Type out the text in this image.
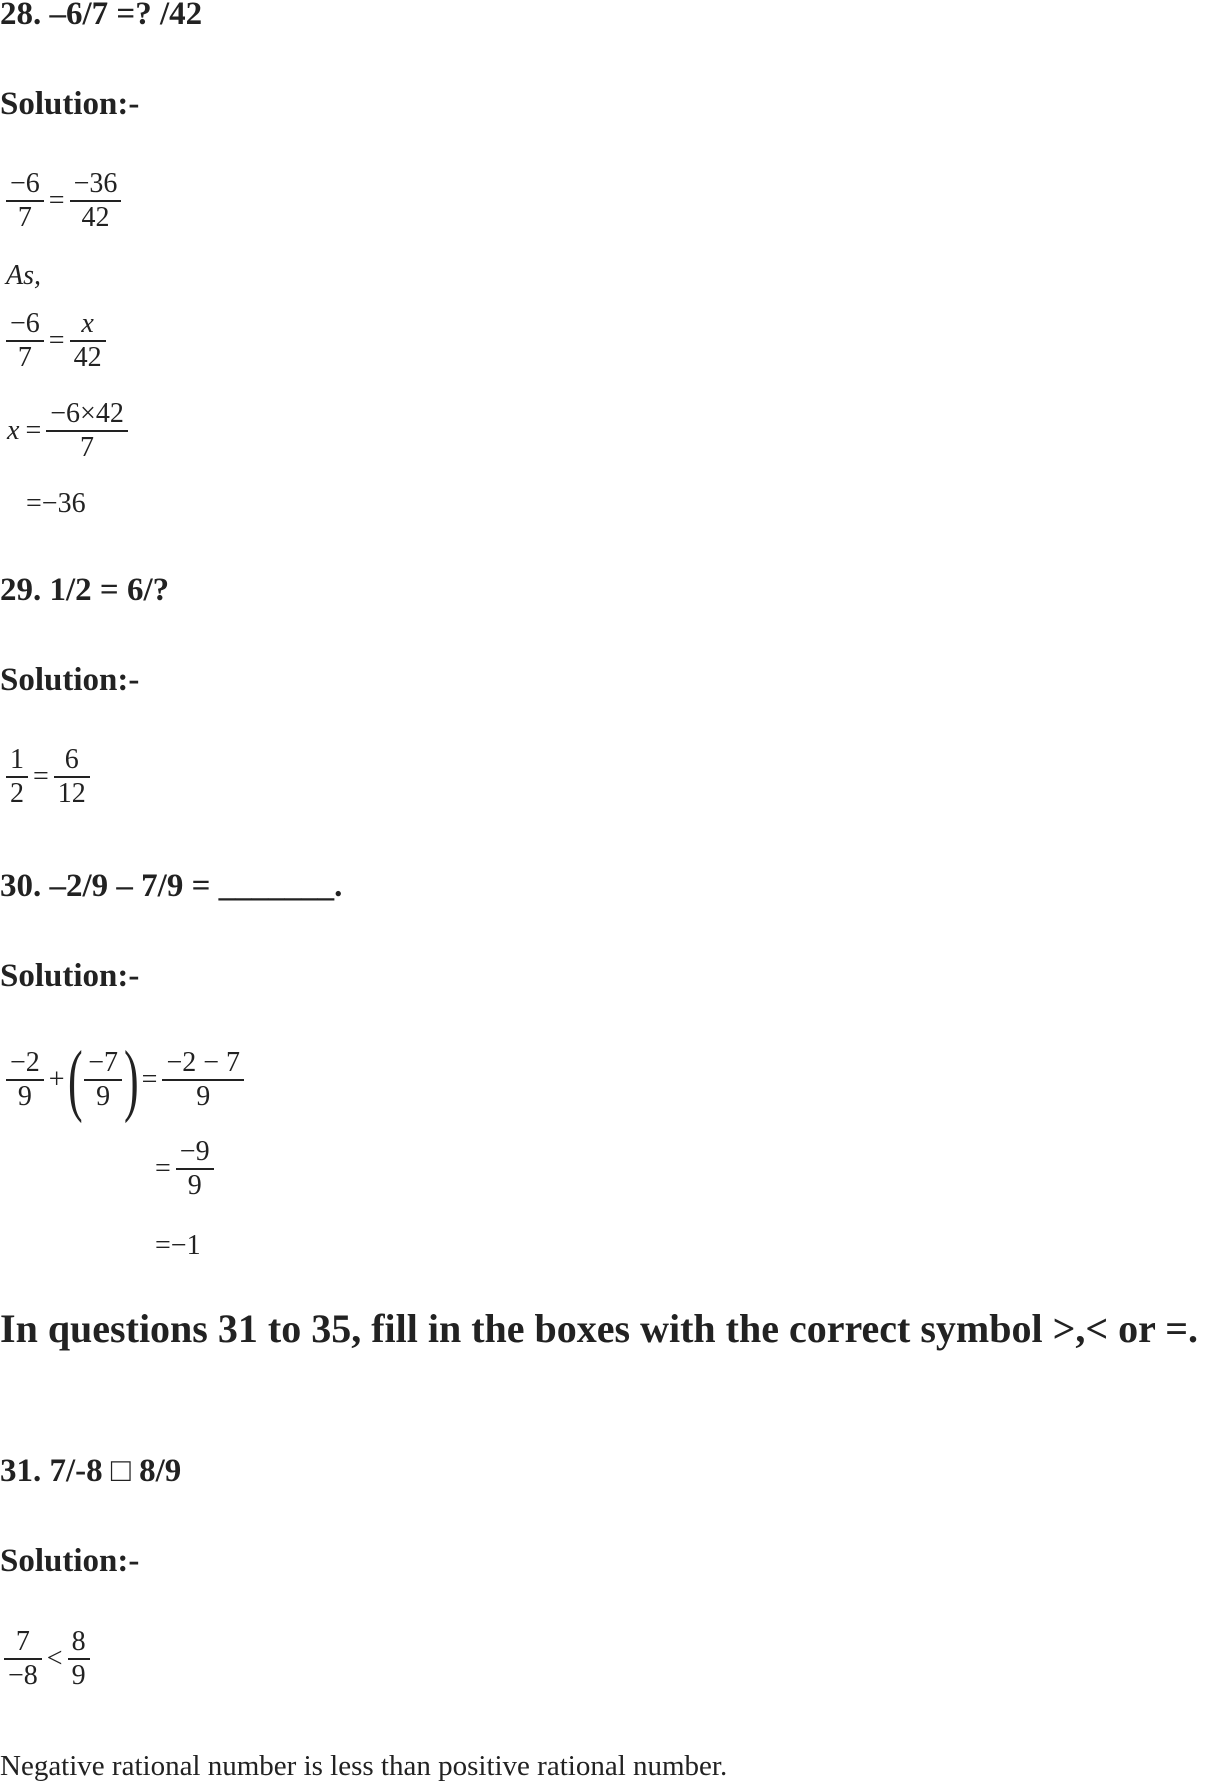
28. –6/7 =? /42
Solution:-
$\frac{-6}{7} = \frac{-36}{42}$
As,
$\frac{-6}{7} = \frac{x}{42}$
$x = \frac{-6\times 42}{7}$
=−36
29. 1/2 = 6/?
Solution:-
$\frac{1}{2} = \frac{6}{12}$
30. –2/9 – 7/9 = _______.
Solution:-
$\frac{-2}{9}$ + ( $\frac{-7}{9}$ ) = $\frac{-2 - 7}{9}$
= $\frac{-9}{9}$
=−1
In questions 31 to 35, fill in the boxes with the correct symbol >,< or =.
31. 7/-8 □ 8/9
Solution:-
$\frac{7}{-8} < \frac{8}{9}$
Negative rational number is less than positive rational number.
